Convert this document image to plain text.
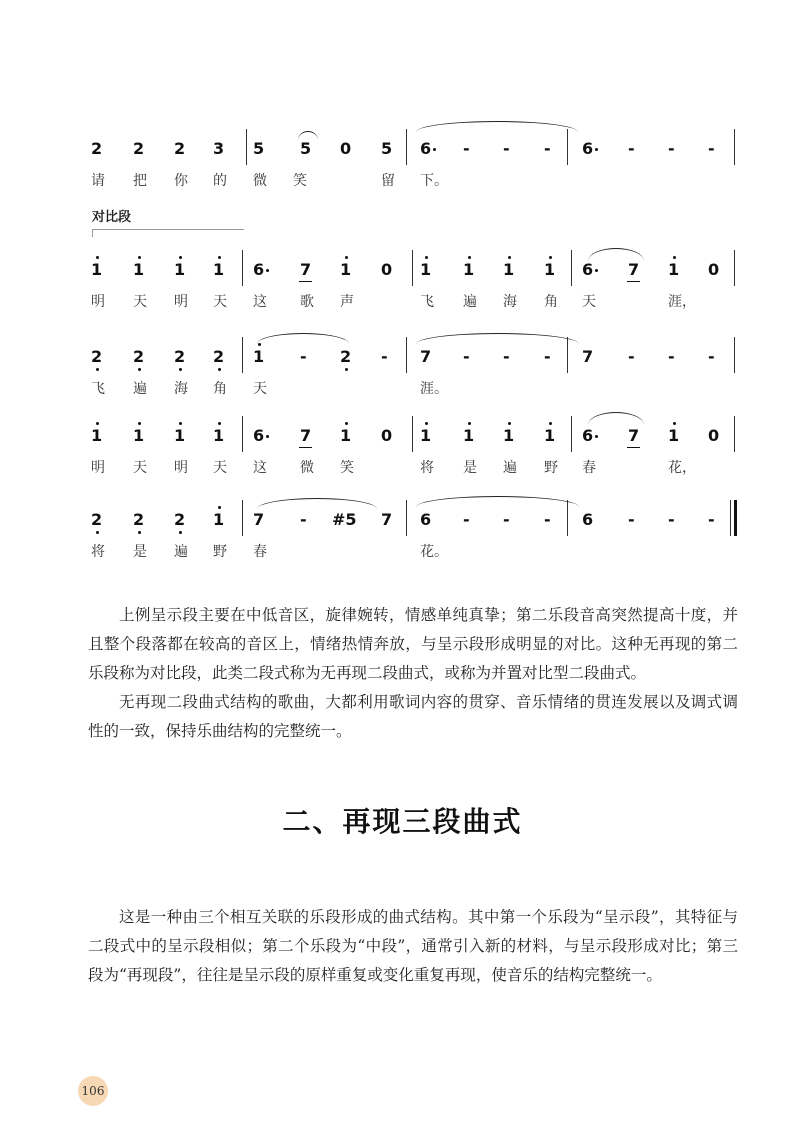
2 2 2 3 5 5 0 5 6 - - - 6 - - -
请 把 你 的 微 笑	留 下。
1 1 1 1 6 7 1 0 1 1 1 1 6 7 1 0
明 天 明 天 这 歌 声	飞 遍 海 角 天	涯，
2 2 2 2 1 - 2 - 7 - - - 7 - - -
飞 遍 海 角 天	涯。
1 1 1 1 6 7 1 0 1 1 1 1 6 7 1 0
明 天 明 天 这 微 笑	将 是 遍 野 春	花，
2 2 2 1 7 - #5 7 6 - - - 6 - - -
将 是 遍 野 春	花。
对比段

上例呈示段主要在中低音区，旋律婉转，情感单纯真挚；第二乐段音高突然提高十度，并且整个段落都在较高的音区上，情绪热情奔放，与呈示段形成明显的对比。这种无再现的第二乐段称为对比段，此类二段式称为无再现二段曲式，或称为并置对比型二段曲式。

无再现二段曲式结构的歌曲，大都利用歌词内容的贯穿、音乐情绪的贯连发展以及调式调性的一致，保持乐曲结构的完整统一。

二、再现三段曲式

这是一种由三个相互关联的乐段形成的曲式结构。其中第一个乐段为“呈示段”，其特征与二段式中的呈示段相似；第二个乐段为“中段”，通常引入新的材料，与呈示段形成对比；第三段为“再现段”，往往是呈示段的原样重复或变化重复再现，使音乐的结构完整统一。

106
